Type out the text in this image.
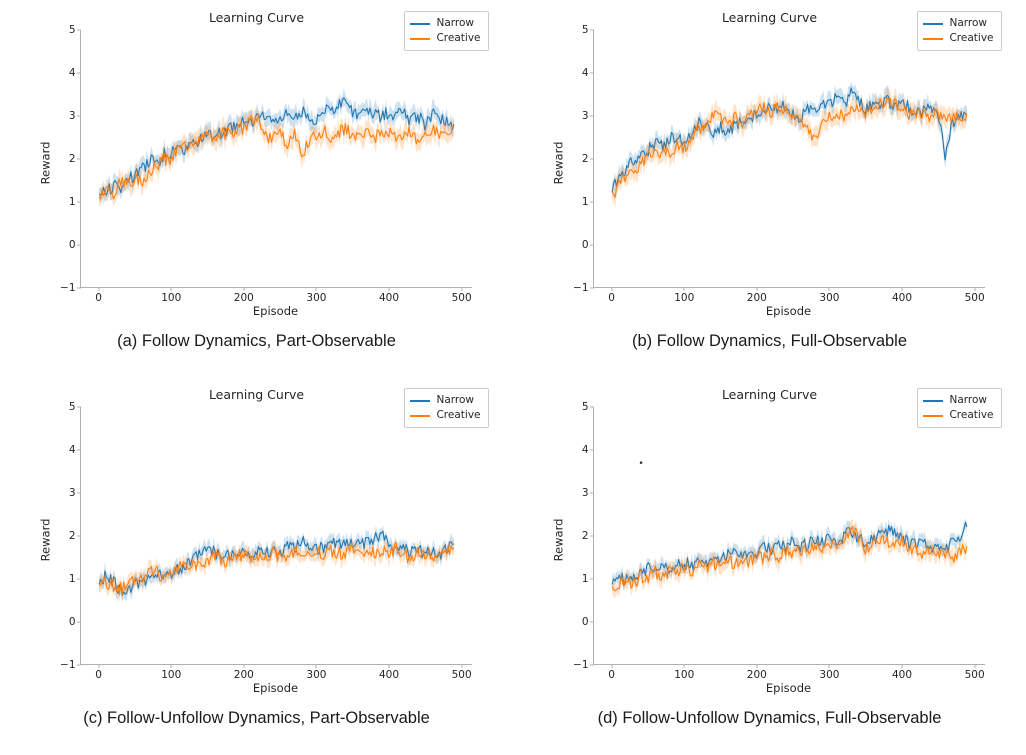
Learning Curve
Reward
−1
0
1
2
3
4
5
0	100	200	300	400	500
Episode
Narrow
Creative
(a) Follow Dynamics, Part-Observable
Learning Curve
Reward
−1
0
1
2
3
4
5
0	100	200	300	400	500
Episode
Narrow
Creative
(b) Follow Dynamics, Full-Observable
Learning Curve
Reward
−1
0
1
2
3
4
5
0	100	200	300	400	500
Episode
Narrow
Creative
(c) Follow-Unfollow Dynamics, Part-Observable
Learning Curve
Reward
−1
0
1
2
3
4
5
0	100	200	300	400	500
Episode
Narrow
Creative
(d) Follow-Unfollow Dynamics, Full-Observable
